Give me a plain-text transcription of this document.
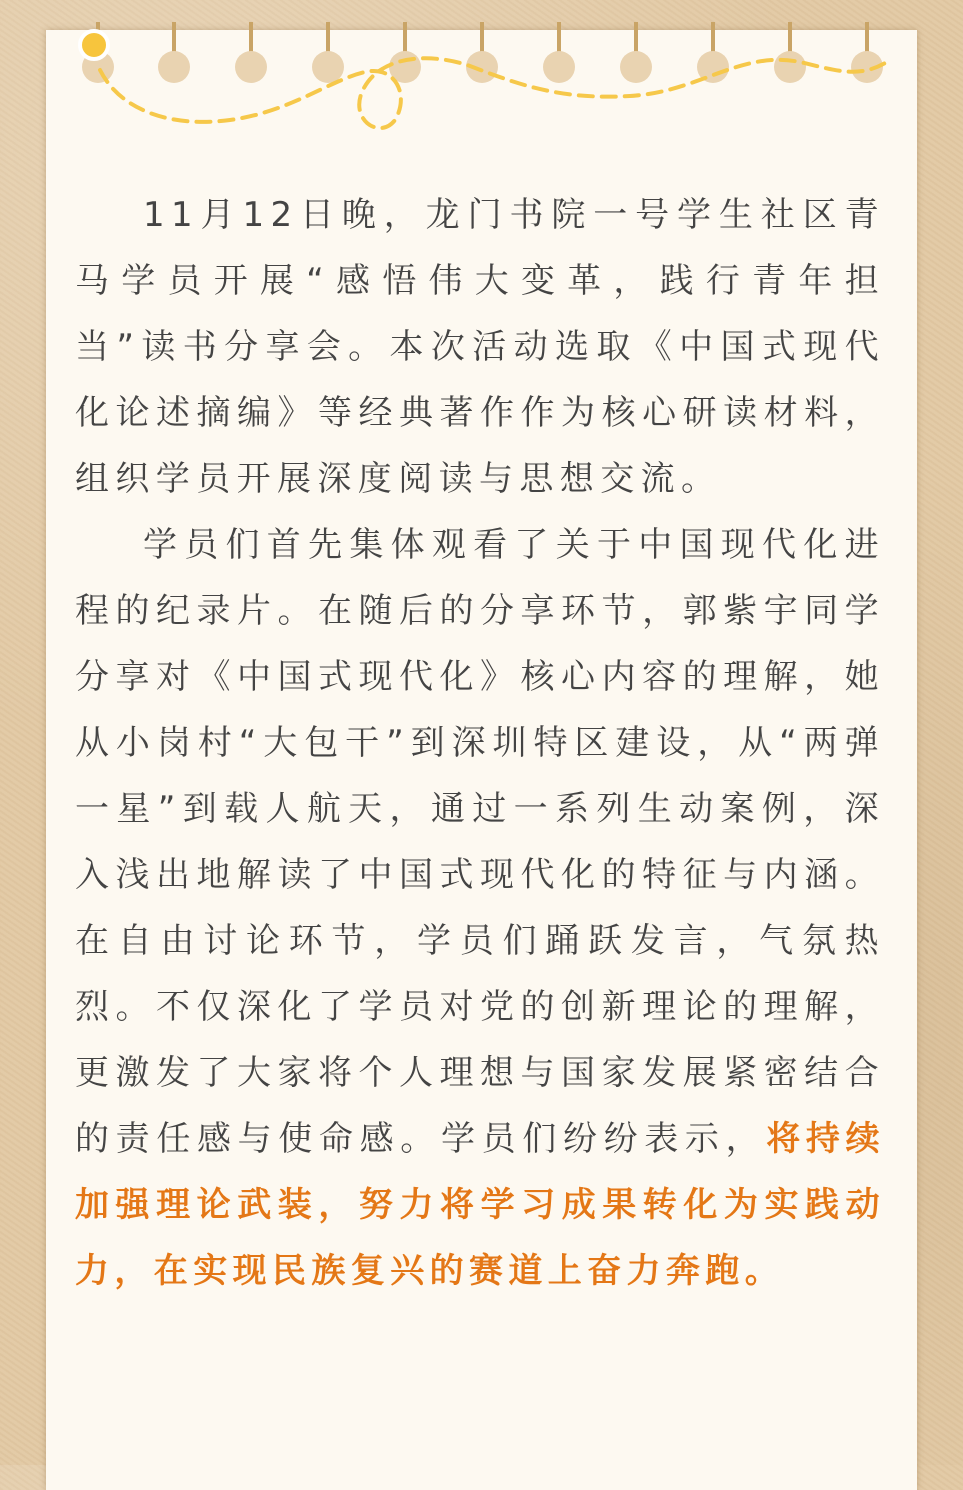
11月12日晚，龙门书院一号学生社区青马学员开展“感悟伟大变革，践行青年担当”读书分享会。本次活动选取《中国式现代化论述摘编》等经典著作作为核心研读材料，组织学员开展深度阅读与思想交流。

学员们首先集体观看了关于中国现代化进程的纪录片。在随后的分享环节，郭紫宇同学分享对《中国式现代化》核心内容的理解，她从小岗村“大包干”到深圳特区建设，从“两弹一星”到载人航天，通过一系列生动案例，深入浅出地解读了中国式现代化的特征与内涵。在自由讨论环节，学员们踊跃发言，气氛热烈。不仅深化了学员对党的创新理论的理解，更激发了大家将个人理想与国家发展紧密结合的责任感与使命感。学员们纷纷表示，将持续加强理论武装，努力将学习成果转化为实践动力，在实现民族复兴的赛道上奋力奔跑。
